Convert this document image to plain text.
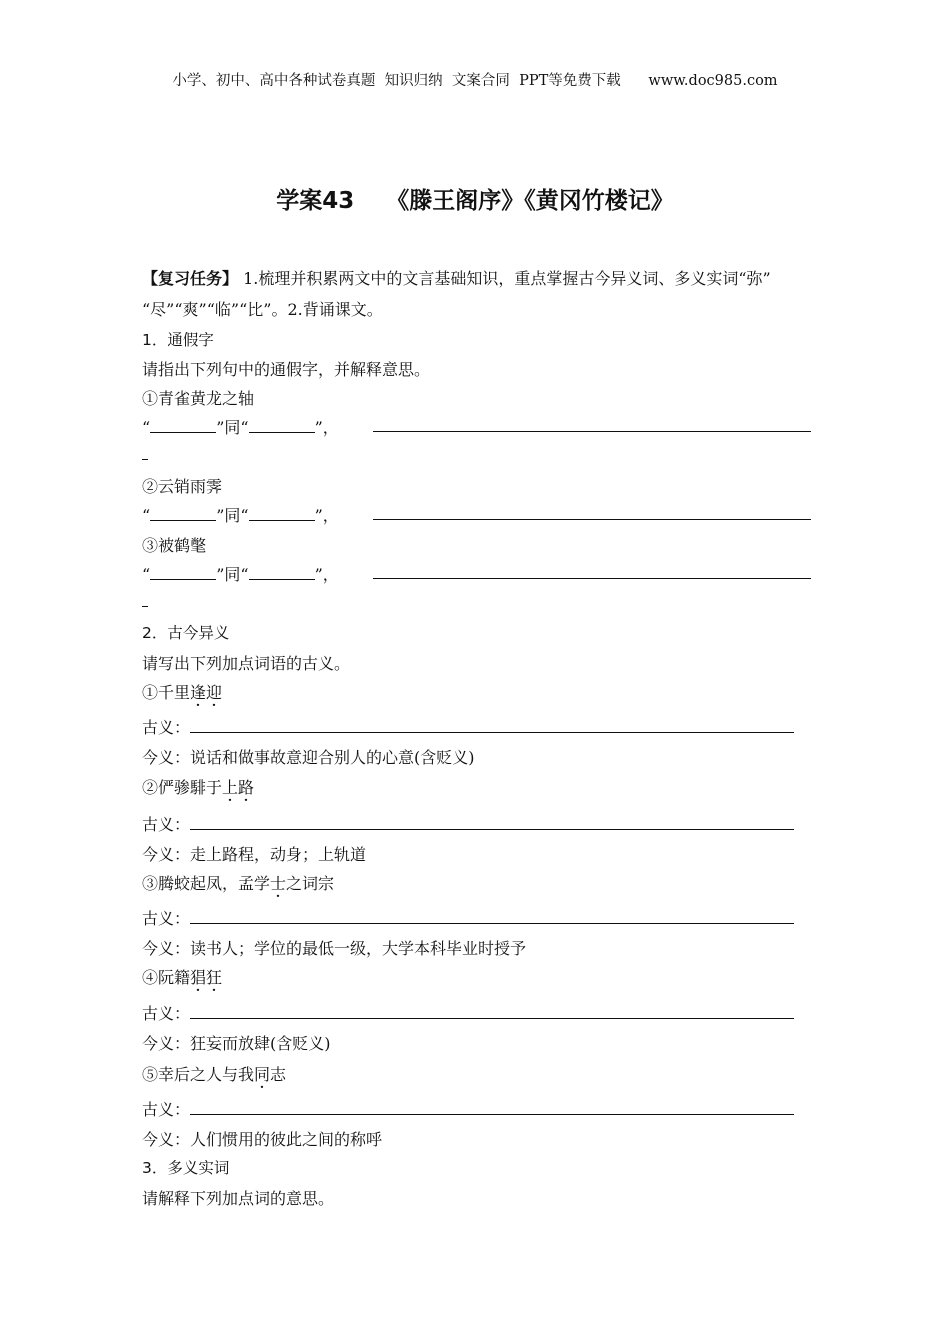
小学、初中、高中各种试卷真题  知识归纳  文案合同  PPT等免费下载      www.doc985.com
学案43    《滕王阁序》《黄冈竹楼记》
【复习任务】 1.梳理并积累两文中的文言基础知识，重点掌握古今异义词、多义实词“弥”
“尽”“爽”“临”“比”。2.背诵课文。
1．通假字
请指出下列句中的通假字，并解释意思。
①青雀黄龙之轴
“	”同“	”，
②云销雨霁
“	”同“	”，
③被鹤氅
“	”同“	”，
2．古今异义
请写出下列加点词语的古义。
①千里逢迎
古义：
今义：说话和做事故意迎合别人的心意(含贬义)
②俨骖騑于上路
古义：
今义：走上路程，动身；上轨道
③腾蛟起凤，孟学士之词宗
古义：
今义：读书人；学位的最低一级，大学本科毕业时授予
④阮籍猖狂
古义：
今义：狂妄而放肆(含贬义)
⑤幸后之人与我同志
古义：
今义：人们惯用的彼此之间的称呼
3．多义实词
请解释下列加点词的意思。
